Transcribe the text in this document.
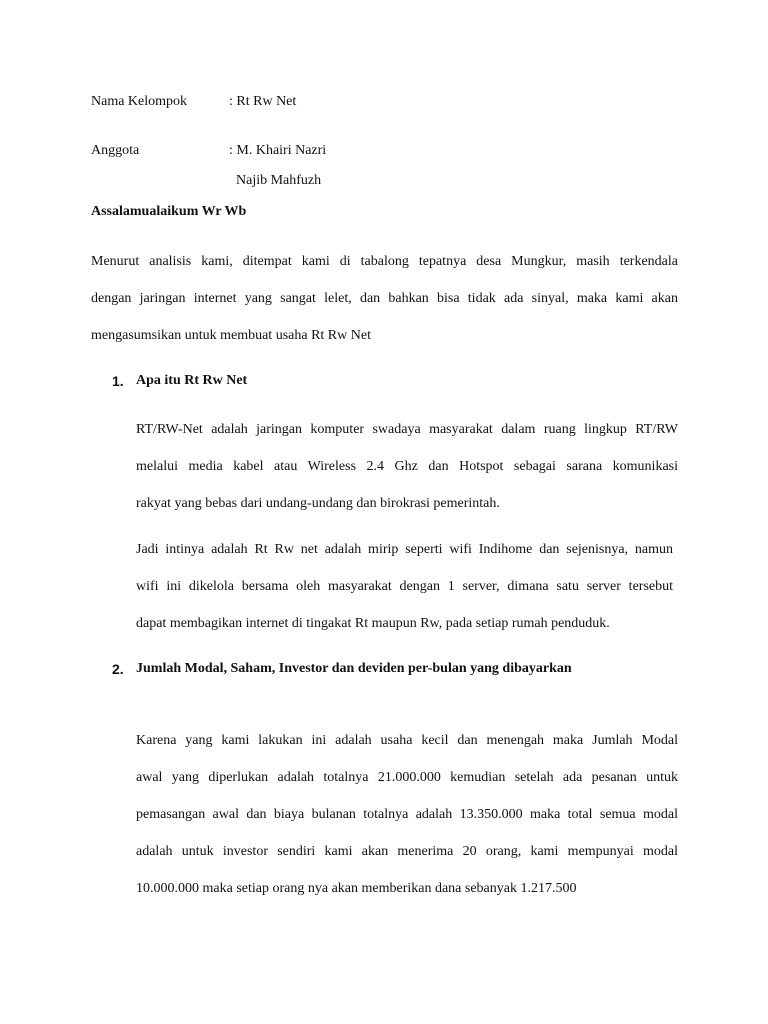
Nama Kelompok	: Rt Rw Net
Anggota	: M. Khairi Nazri
Najib Mahfuzh
Assalamualaikum Wr Wb
Menurut analisis kami, ditempat kami di tabalong tepatnya desa Mungkur, masih terkendala
dengan jaringan internet yang sangat lelet, dan bahkan bisa tidak ada sinyal, maka kami akan
mengasumsikan untuk membuat usaha Rt Rw Net
1. Apa itu Rt Rw Net
RT/RW-Net adalah jaringan komputer swadaya masyarakat dalam ruang lingkup RT/RW
melalui media kabel atau Wireless 2.4 Ghz dan Hotspot sebagai sarana komunikasi
rakyat yang bebas dari undang-undang dan birokrasi pemerintah.
Jadi intinya adalah Rt Rw net adalah mirip seperti wifi Indihome dan sejenisnya, namun
wifi ini dikelola bersama oleh masyarakat dengan 1 server, dimana satu server tersebut
dapat membagikan internet di tingakat Rt maupun Rw, pada setiap rumah penduduk.
2. Jumlah Modal, Saham, Investor dan deviden per-bulan yang dibayarkan
Karena yang kami lakukan ini adalah usaha kecil dan menengah maka Jumlah Modal
awal yang diperlukan adalah totalnya 21.000.000 kemudian setelah ada pesanan untuk
pemasangan awal dan biaya bulanan totalnya adalah 13.350.000 maka total semua modal
adalah untuk investor sendiri kami akan menerima 20 orang, kami mempunyai modal
10.000.000 maka setiap orang nya akan memberikan dana sebanyak 1.217.500
